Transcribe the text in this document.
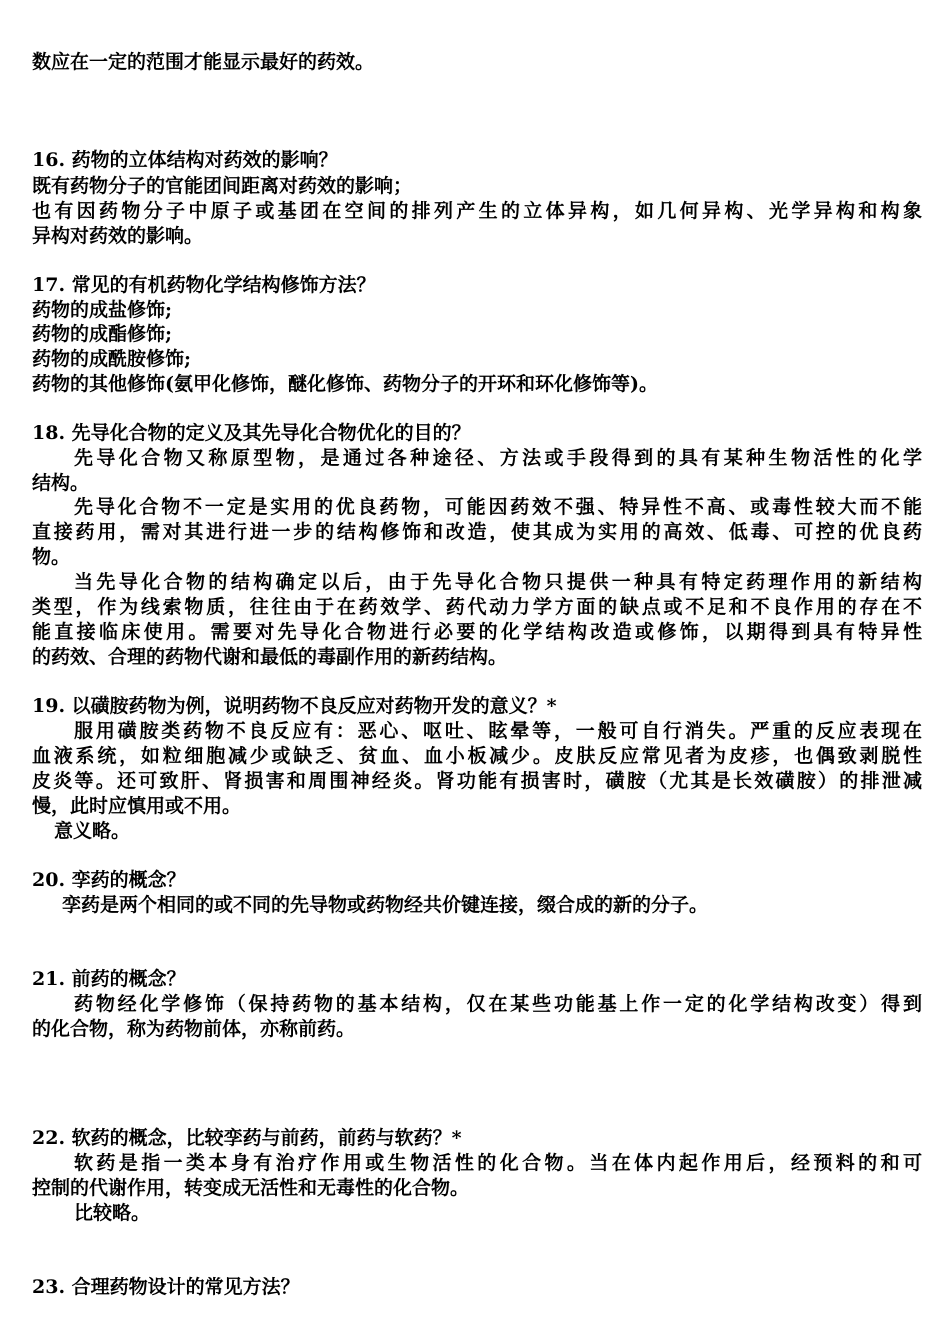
数应在一定的范围才能显示最好的药效。
16. 药物的立体结构对药效的影响？
既有药物分子的官能团间距离对药效的影响；
也有因药物分子中原子或基团在空间的排列产生的立体异构，如几何异构、光学异构和构象
异构对药效的影响。
17. 常见的有机药物化学结构修饰方法？
药物的成盐修饰;
药物的成酯修饰;
药物的成酰胺修饰;
药物的其他修饰(氨甲化修饰，醚化修饰、药物分子的开环和环化修饰等)。
18. 先导化合物的定义及其先导化合物优化的目的？
先导化合物又称原型物，是通过各种途径、方法或手段得到的具有某种生物活性的化学
结构。
先导化合物不一定是实用的优良药物，可能因药效不强、特异性不高、或毒性较大而不能
直接药用，需对其进行进一步的结构修饰和改造，使其成为实用的高效、低毒、可控的优良药
物。
当先导化合物的结构确定以后，由于先导化合物只提供一种具有特定药理作用的新结构
类型，作为线索物质，往往由于在药效学、药代动力学方面的缺点或不足和不良作用的存在不
能直接临床使用。需要对先导化合物进行必要的化学结构改造或修饰，以期得到具有特异性
的药效、合理的药物代谢和最低的毒副作用的新药结构。
19. 以磺胺药物为例，说明药物不良反应对药物开发的意义？*
服用磺胺类药物不良反应有：恶心、呕吐、眩晕等，一般可自行消失。严重的反应表现在
血液系统，如粒细胞减少或缺乏、贫血、血小板减少。皮肤反应常见者为皮疹，也偶致剥脱性
皮炎等。还可致肝、肾损害和周围神经炎。肾功能有损害时，磺胺（尤其是长效磺胺）的排泄减
慢，此时应慎用或不用。
意义略。
20. 孪药的概念？
孪药是两个相同的或不同的先导物或药物经共价键连接，缀合成的新的分子。
21. 前药的概念？
药物经化学修饰（保持药物的基本结构，仅在某些功能基上作一定的化学结构改变）得到
的化合物，称为药物前体，亦称前药。
22. 软药的概念，比较孪药与前药，前药与软药？*
软药是指一类本身有治疗作用或生物活性的化合物。当在体内起作用后，经预料的和可
控制的代谢作用，转变成无活性和无毒性的化合物。
比较略。
23. 合理药物设计的常见方法？
